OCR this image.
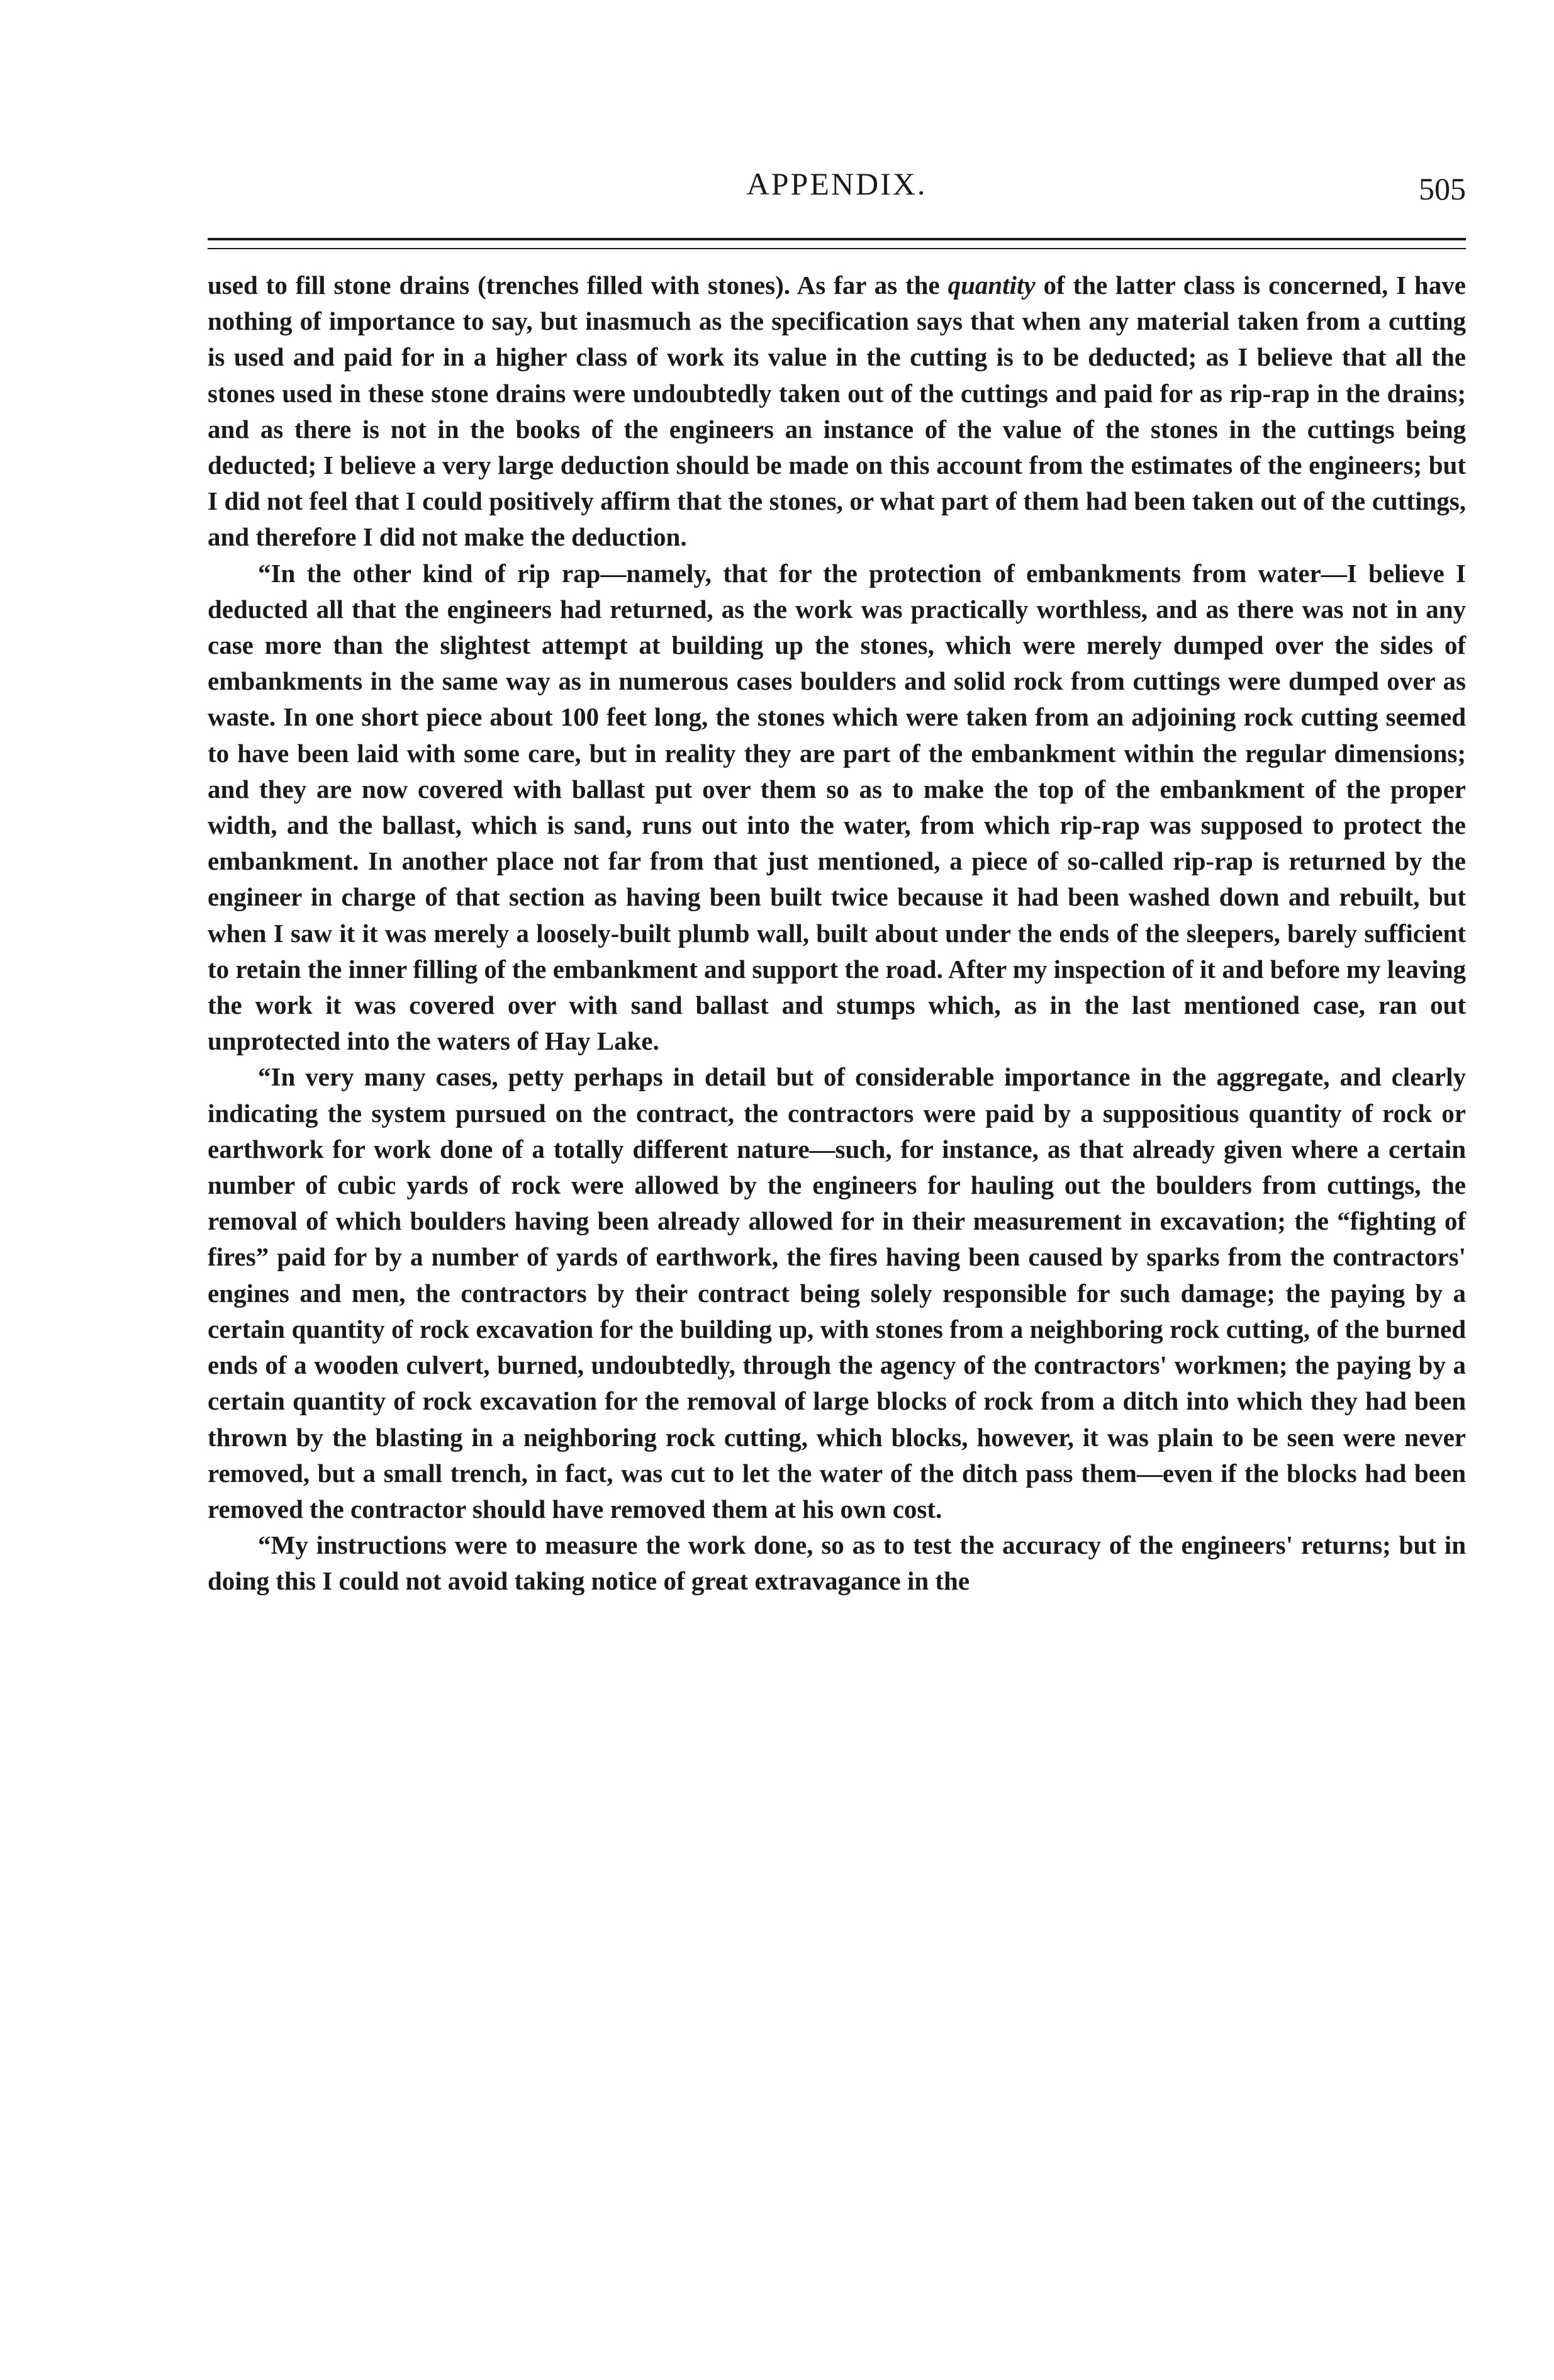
APPENDIX.	505

used to fill stone drains (trenches filled with stones). As far as the quantity of the latter class is concerned, I have nothing of importance to say, but inasmuch as the specification says that when any material taken from a cutting is used and paid for in a higher class of work its value in the cutting is to be deducted; as I believe that all the stones used in these stone drains were undoubtedly taken out of the cuttings and paid for as rip-rap in the drains; and as there is not in the books of the engineers an instance of the value of the stones in the cuttings being deducted; I believe a very large deduction should be made on this account from the estimates of the engineers; but I did not feel that I could positively affirm that the stones, or what part of them had been taken out of the cuttings, and therefore I did not make the deduction.

“In the other kind of rip rap—namely, that for the protection of embankments from water—I believe I deducted all that the engineers had returned, as the work was practically worthless, and as there was not in any case more than the slightest attempt at building up the stones, which were merely dumped over the sides of embankments in the same way as in numerous cases boulders and solid rock from cuttings were dumped over as waste. In one short piece about 100 feet long, the stones which were taken from an adjoining rock cutting seemed to have been laid with some care, but in reality they are part of the embankment within the regular dimensions; and they are now covered with ballast put over them so as to make the top of the embankment of the proper width, and the ballast, which is sand, runs out into the water, from which rip-rap was supposed to protect the embankment. In another place not far from that just mentioned, a piece of so-called rip-rap is returned by the engineer in charge of that section as having been built twice because it had been washed down and rebuilt, but when I saw it it was merely a loosely-built plumb wall, built about under the ends of the sleepers, barely sufficient to retain the inner filling of the embankment and support the road. After my inspection of it and before my leaving the work it was covered over with sand ballast and stumps which, as in the last mentioned case, ran out unprotected into the waters of Hay Lake.

“In very many cases, petty perhaps in detail but of considerable importance in the aggregate, and clearly indicating the system pursued on the contract, the contractors were paid by a suppositious quantity of rock or earthwork for work done of a totally different nature—such, for instance, as that already given where a certain number of cubic yards of rock were allowed by the engineers for hauling out the boulders from cuttings, the removal of which boulders having been already allowed for in their measurement in excavation; the “fighting of fires” paid for by a number of yards of earthwork, the fires having been caused by sparks from the contractors' engines and men, the contractors by their contract being solely responsible for such damage; the paying by a certain quantity of rock excavation for the building up, with stones from a neighboring rock cutting, of the burned ends of a wooden culvert, burned, undoubtedly, through the agency of the contractors' workmen; the paying by a certain quantity of rock excavation for the removal of large blocks of rock from a ditch into which they had been thrown by the blasting in a neighboring rock cutting, which blocks, however, it was plain to be seen were never removed, but a small trench, in fact, was cut to let the water of the ditch pass them—even if the blocks had been removed the contractor should have removed them at his own cost.

“My instructions were to measure the work done, so as to test the accuracy of the engineers' returns; but in doing this I could not avoid taking notice of great extravagance in the
